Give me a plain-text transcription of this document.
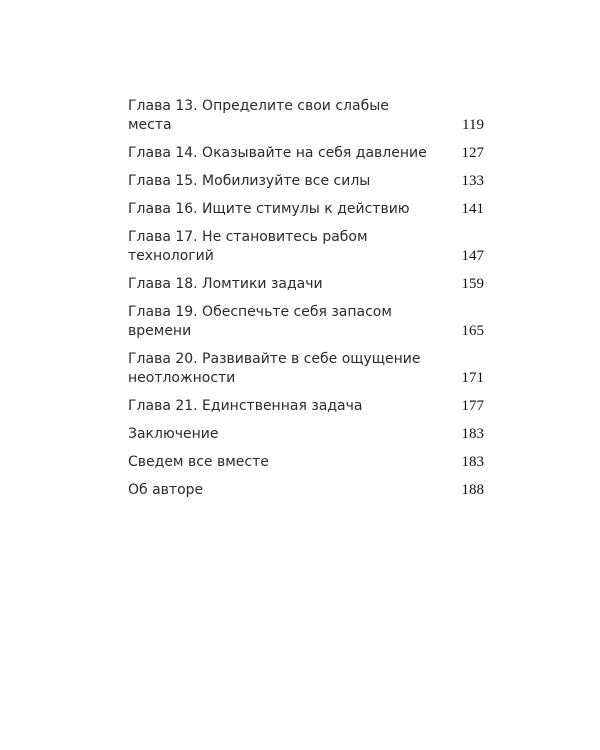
Глава 13. Определите свои слабые места	119
Глава 14. Оказывайте на себя давление 127
Глава 15. Мобилизуйте все силы	133
Глава 16. Ищите стимулы к действию	141
Глава 17. Не становитесь рабом технологий	147
Глава 18. Ломтики задачи	159
Глава 19. Обеспечьте себя запасом времени	165
Глава 20. Развивайте в себе ощущение неотложности	171
Глава 21. Единственная задача	177
Заключение	183
Сведем все вместе	183
Об авторе	188
